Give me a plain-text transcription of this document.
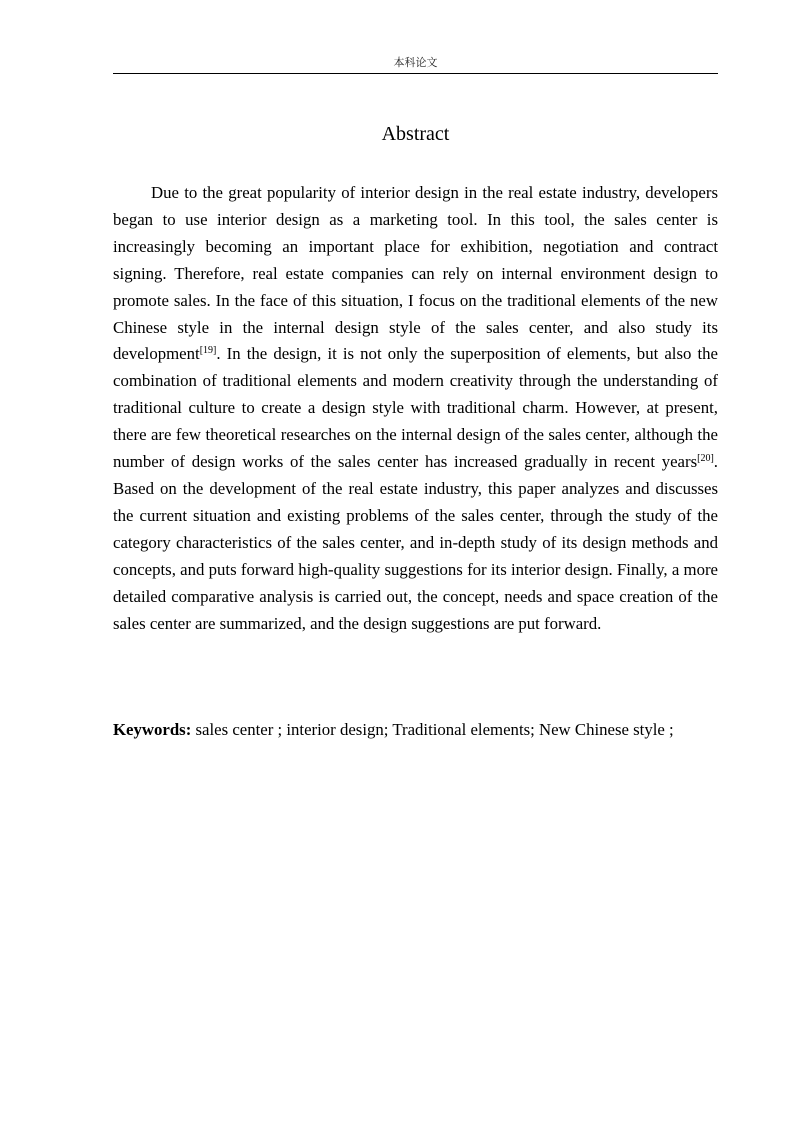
本科论文
Abstract

Due to the great popularity of interior design in the real estate industry, developers began to use interior design as a marketing tool. In this tool, the sales center is increasingly becoming an important place for exhibition, negotiation and contract signing. Therefore, real estate companies can rely on internal environment design to promote sales. In the face of this situation, I focus on the traditional elements of the new Chinese style in the internal design style of the sales center, and also study its development[19]. In the design, it is not only the superposition of elements, but also the combination of traditional elements and modern creativity through the understanding of traditional culture to create a design style with traditional charm. However, at present, there are few theoretical researches on the internal design of the sales center, although the number of design works of the sales center has increased gradually in recent years[20]. Based on the development of the real estate industry, this paper analyzes and discusses the current situation and existing problems of the sales center, through the study of the category characteristics of the sales center, and in-depth study of its design methods and concepts, and puts forward high-quality suggestions for its interior design. Finally, a more detailed comparative analysis is carried out, the concept, needs and space creation of the sales center are summarized, and the design suggestions are put forward.

Keywords: sales center ; interior design; Traditional elements; New Chinese style ;
